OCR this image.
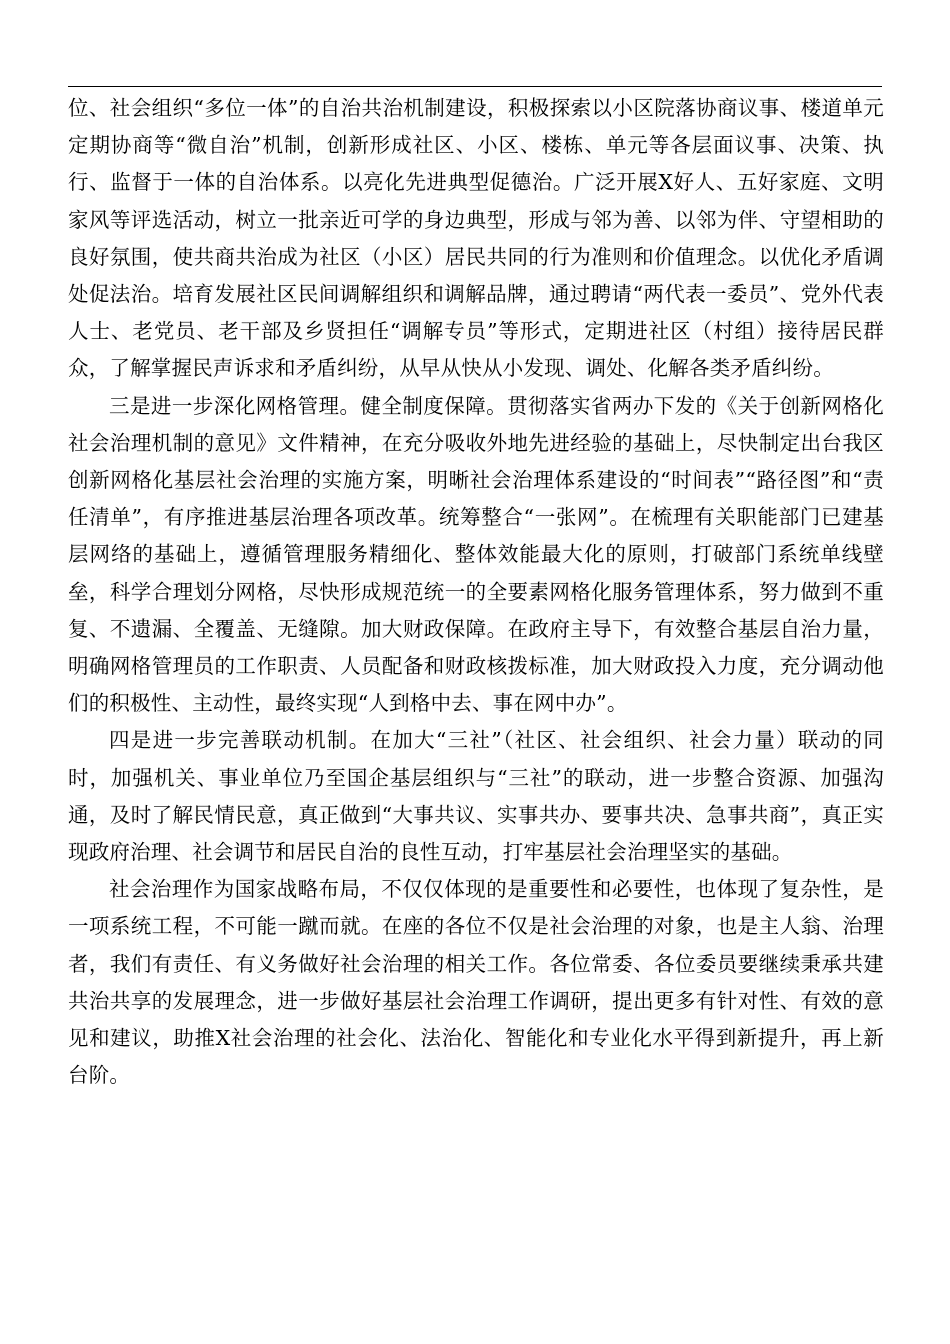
位、社会组织“多位一体”的自治共治机制建设，积极探索以小区院落协商议事、楼道单元定期协商等“微自治”机制，创新形成社区、小区、楼栋、单元等各层面议事、决策、执行、监督于一体的自治体系。以亮化先进典型促德治。广泛开展X好人、五好家庭、文明家风等评选活动，树立一批亲近可学的身边典型，形成与邻为善、以邻为伴、守望相助的良好氛围，使共商共治成为社区（小区）居民共同的行为准则和价值理念。以优化矛盾调处促法治。培育发展社区民间调解组织和调解品牌，通过聘请“两代表一委员”、党外代表人士、老党员、老干部及乡贤担任“调解专员”等形式，定期进社区（村组）接待居民群众，了解掌握民声诉求和矛盾纠纷，从早从快从小发现、调处、化解各类矛盾纠纷。

三是进一步深化网格管理。健全制度保障。贯彻落实省两办下发的《关于创新网格化社会治理机制的意见》文件精神，在充分吸收外地先进经验的基础上，尽快制定出台我区创新网格化基层社会治理的实施方案，明晰社会治理体系建设的“时间表”“路径图”和“责任清单”，有序推进基层治理各项改革。统筹整合“一张网”。在梳理有关职能部门已建基层网络的基础上，遵循管理服务精细化、整体效能最大化的原则，打破部门系统单线壁垒，科学合理划分网格，尽快形成规范统一的全要素网格化服务管理体系，努力做到不重复、不遗漏、全覆盖、无缝隙。加大财政保障。在政府主导下，有效整合基层自治力量，明确网格管理员的工作职责、人员配备和财政核拨标准，加大财政投入力度，充分调动他们的积极性、主动性，最终实现“人到格中去、事在网中办”。

四是进一步完善联动机制。在加大“三社”（社区、社会组织、社会力量）联动的同时，加强机关、事业单位乃至国企基层组织与“三社”的联动，进一步整合资源、加强沟通，及时了解民情民意，真正做到“大事共议、实事共办、要事共决、急事共商”，真正实现政府治理、社会调节和居民自治的良性互动，打牢基层社会治理坚实的基础。

社会治理作为国家战略布局，不仅仅体现的是重要性和必要性，也体现了复杂性，是一项系统工程，不可能一蹴而就。在座的各位不仅是社会治理的对象，也是主人翁、治理者，我们有责任、有义务做好社会治理的相关工作。各位常委、各位委员要继续秉承共建共治共享的发展理念，进一步做好基层社会治理工作调研，提出更多有针对性、有效的意见和建议，助推X社会治理的社会化、法治化、智能化和专业化水平得到新提升，再上新台阶。
